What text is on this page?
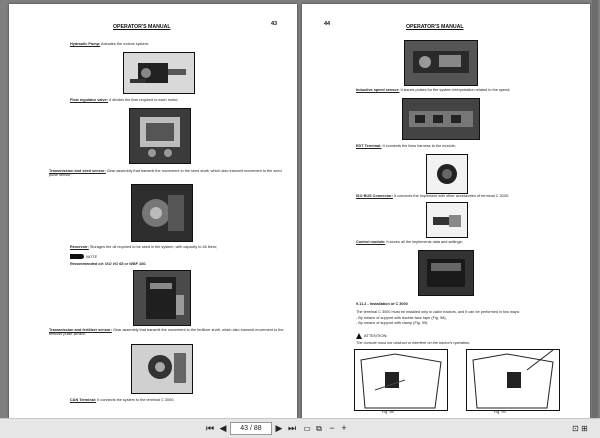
OPERATOR'S MANUAL	43
Hydraulic Pump: Actuates the motors system;
Flow regulator valve: It divides the flow required to each motor;
Transmission and seed sensor: Gear assembly that transmit the movement to the seed shaft, which also transmit movement to the seed pulse sensor;
Reservoir: Storages the oil required to be used in the system, with capacity to 46 liters;
NOTE
Recommended oil: ISO VG 68 or WBF 100.
Transmission and fertilizer sensor: Gear assembly that transmit the movement to the fertilizer shaft, which also transmit movement to the fertilizer pulse sensor;
CAN Terminal: It connects the system to the terminal C 3000;
44	OPERATOR'S MANUAL
Inductive speed sensor: It issues pulses for the system interpretation related to the speed;
EDT Terminal: It connects the lines harness to the module;
ISO BUS Connector: It connects the implement with other accessories of terminal C 3000;
Control module: It stores all the implements data and settings;
9.11.2 - Installation of C 3000
The terminal C 3000 must be installed only in cabin tractors, and it can be performed in two ways:
- By means of support with double-face tape (Fig. 98);
- By means of support with clamp (Fig. 99).
ATTENTION:
The console must not obstruct or interfere on the tractor's operation.
Fig. 98	Fig. 99
⏮ ◀	43 / 88	▶ ⏭ ▭ ⧉ − +	⊡ ⊞
